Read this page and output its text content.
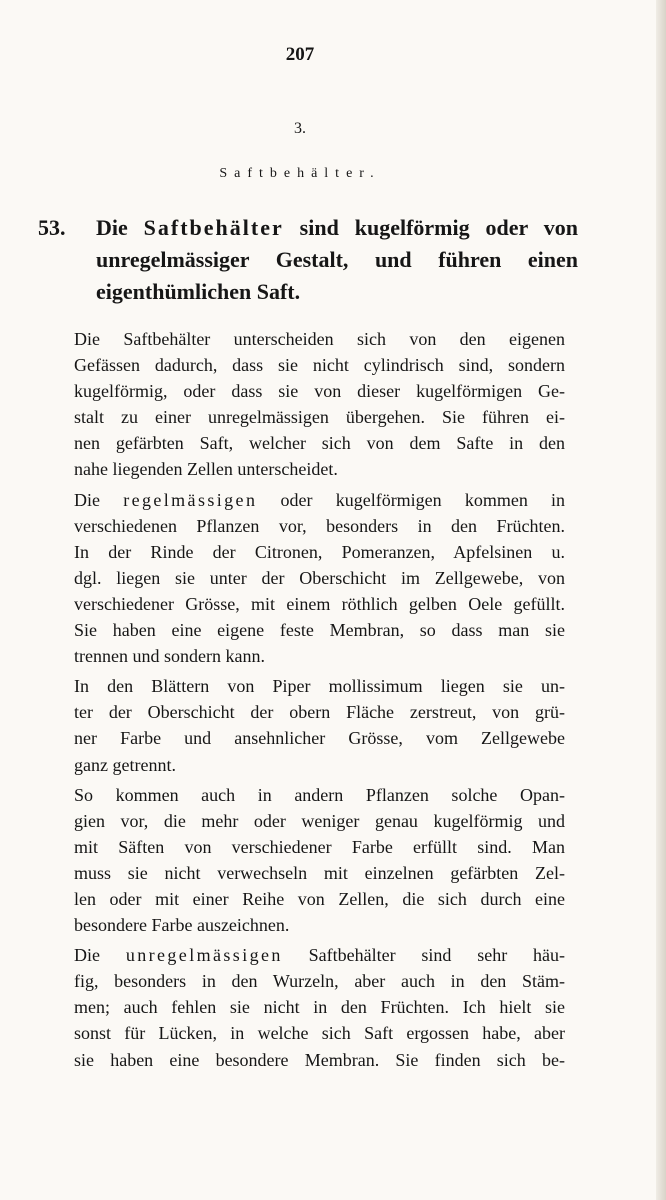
207
3.
Saftbehälter.
53. Die Saftbehälter sind kugelförmig oder von unregelmässiger Gestalt, und führen einen eigenthümlichen Saft.
Die Saftbehälter unterscheiden sich von den eigenen
Gefässen dadurch, dass sie nicht cylindrisch sind, sondern
kugelförmig, oder dass sie von dieser kugelförmigen Ge-
stalt zu einer unregelmässigen übergehen. Sie führen ei-
nen gefärbten Saft, welcher sich von dem Safte in den
nahe liegenden Zellen unterscheidet.
Die regelmässigen oder kugelförmigen kommen in
verschiedenen Pflanzen vor, besonders in den Früchten.
In der Rinde der Citronen, Pomeranzen, Apfelsinen u.
dgl. liegen sie unter der Oberschicht im Zellgewebe, von
verschiedener Grösse, mit einem röthlich gelben Oele gefüllt.
Sie haben eine eigene feste Membran, so dass man sie
trennen und sondern kann.
In den Blättern von Piper mollissimum liegen sie un-
ter der Oberschicht der obern Fläche zerstreut, von grü-
ner Farbe und ansehnlicher Grösse, vom Zellgewebe
ganz getrennt.
So kommen auch in andern Pflanzen solche Opan-
gien vor, die mehr oder weniger genau kugelförmig und
mit Säften von verschiedener Farbe erfüllt sind. Man
muss sie nicht verwechseln mit einzelnen gefärbten Zel-
len oder mit einer Reihe von Zellen, die sich durch eine
besondere Farbe auszeichnen.
Die unregelmässigen Saftbehälter sind sehr häu-
fig, besonders in den Wurzeln, aber auch in den Stäm-
men; auch fehlen sie nicht in den Früchten. Ich hielt sie
sonst für Lücken, in welche sich Saft ergossen habe, aber
sie haben eine besondere Membran. Sie finden sich be-
